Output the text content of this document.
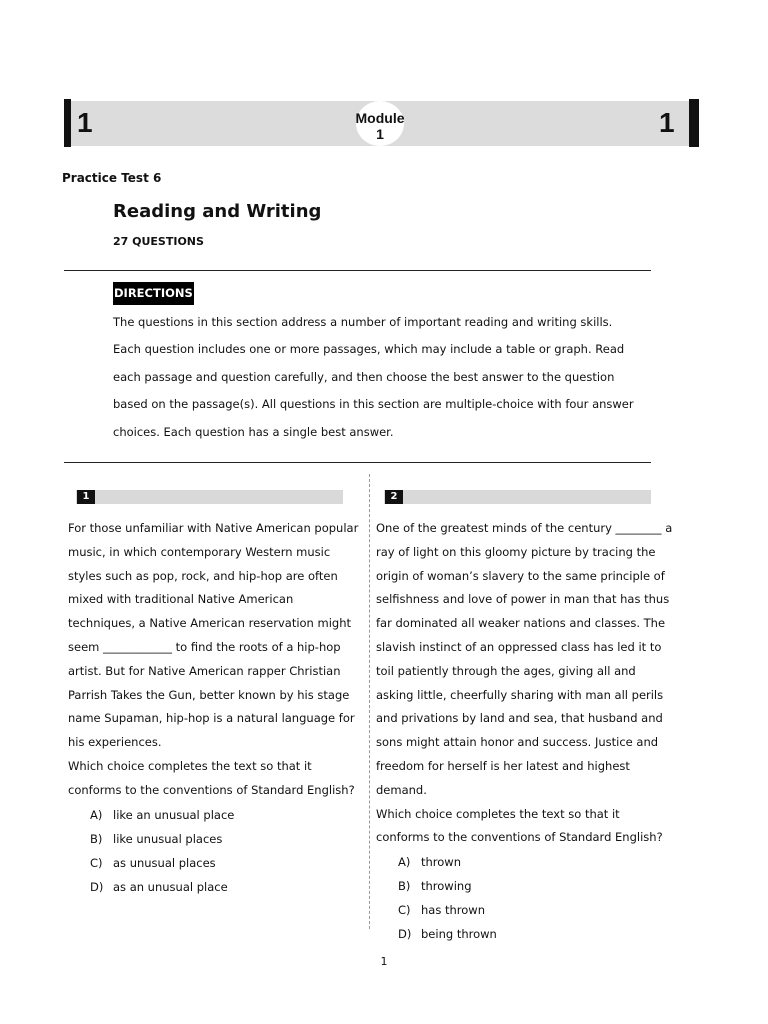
1	1
Module
1
Practice Test 6
Reading and Writing
27 QUESTIONS
DIRECTIONS
The questions in this section address a number of important reading and writing skills. Each question includes one or more passages, which may include a table or graph. Read each passage and question carefully, and then choose the best answer to the question based on the passage(s). All questions in this section are multiple-choice with four answer choices. Each question has a single best answer.
1

For those unfamiliar with Native American popular music, in which contemporary Western music styles such as pop, rock, and hip-hop are often mixed with traditional Native American techniques, a Native American reservation might seem ____________ to find the roots of a hip-hop artist. But for Native American rapper Christian Parrish Takes the Gun, better known by his stage name Supaman, hip-hop is a natural language for his experiences.

Which choice completes the text so that it conforms to the conventions of Standard English?

A) like an unusual place
B) like unusual places
C) as unusual places
D) as an unusual place
2

One of the greatest minds of the century ________ a ray of light on this gloomy picture by tracing the origin of woman’s slavery to the same principle of selfishness and love of power in man that has thus far dominated all weaker nations and classes. The slavish instinct of an oppressed class has led it to toil patiently through the ages, giving all and asking little, cheerfully sharing with man all perils and privations by land and sea, that husband and sons might attain honor and success. Justice and freedom for herself is her latest and highest demand.

Which choice completes the text so that it conforms to the conventions of Standard English?

A) thrown
B) throwing
C) has thrown
D) being thrown
1
